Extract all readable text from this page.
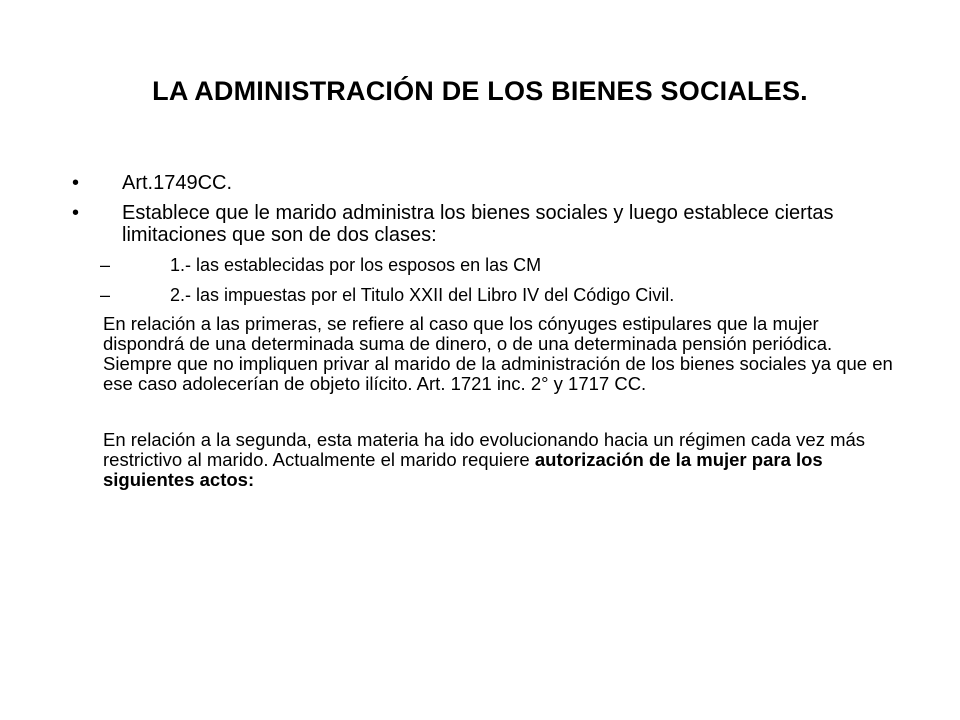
LA ADMINISTRACIÓN DE LOS BIENES SOCIALES.
• Art.1749CC.
• Establece que le marido administra los bienes sociales y luego establece ciertas limitaciones que son de dos clases:
–	1.- las establecidas por los esposos en las CM
–	2.- las impuestas por el Titulo XXII del Libro IV del Código Civil.
En relación a las primeras, se refiere al caso que los cónyuges estipulares que la mujer dispondrá de una determinada suma de dinero, o de una determinada pensión periódica. Siempre que no impliquen privar al marido de la administración de los bienes sociales ya que en ese caso adolecerían de objeto ilícito. Art. 1721 inc. 2° y 1717 CC.
En relación a la segunda, esta materia ha ido evolucionando hacia un régimen cada vez más restrictivo al marido. Actualmente el marido requiere autorización de la mujer para los siguientes actos:
